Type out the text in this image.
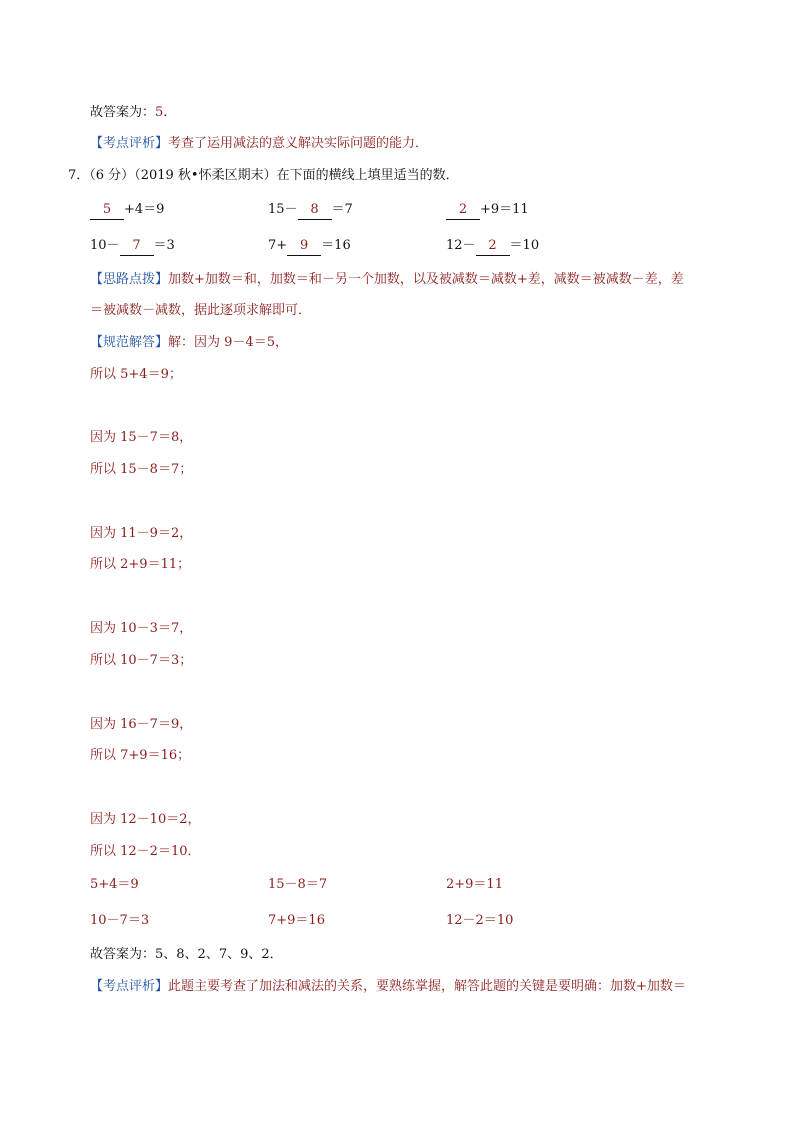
故答案为：5．
【考点评析】考查了运用减法的意义解决实际问题的能力．
7．（6 分）（2019 秋•怀柔区期末）在下面的横线上填里适当的数．
5 +4＝9	15－ 8 ＝7	2 +9＝11
10－ 7 ＝3	7+ 9 ＝16	12－ 2 ＝10
【思路点拨】加数+加数＝和，加数＝和－另一个加数，以及被减数＝减数+差，减数＝被减数－差，差
＝被减数－减数，据此逐项求解即可．
【规范解答】解：因为 9－4＝5，
所以 5+4＝9；
因为 15－7＝8，
所以 15－8＝7；
因为 11－9＝2，
所以 2+9＝11；
因为 10－3＝7，
所以 10－7＝3；
因为 16－7＝9，
所以 7+9＝16；
因为 12－10＝2，
所以 12－2＝10．
5+4＝9	15－8＝7	2+9＝11
10－7＝3	7+9＝16	12－2＝10
故答案为：5、8、2、7、9、2．
【考点评析】此题主要考查了加法和减法的关系，要熟练掌握，解答此题的关键是要明确：加数+加数＝
